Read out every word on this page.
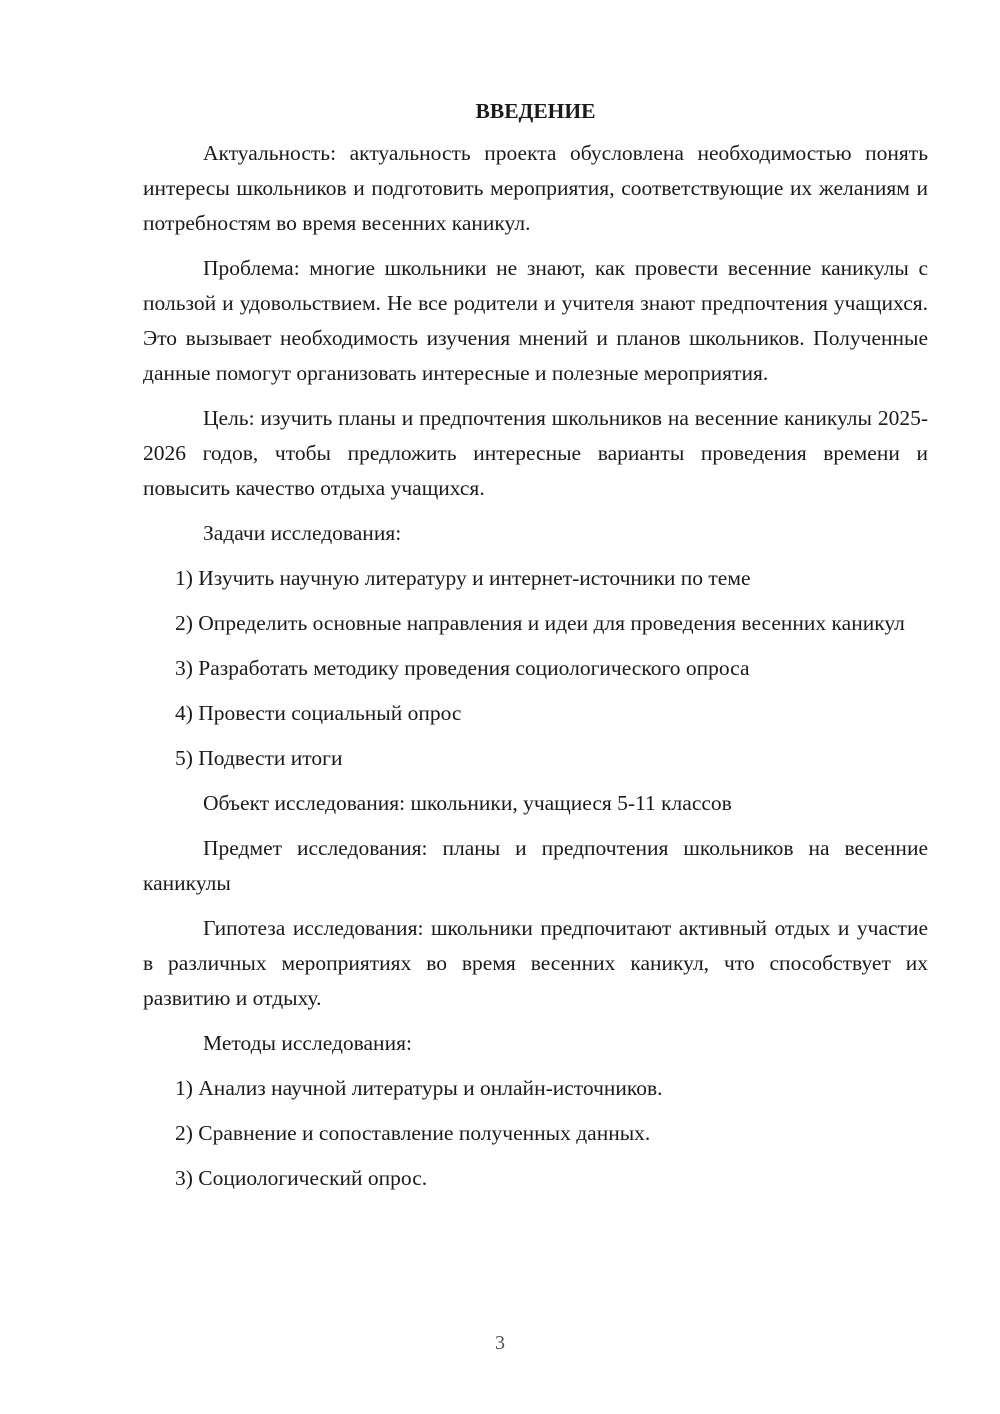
ВВЕДЕНИЕ

Актуальность: актуальность проекта обусловлена необходимостью понять интересы школьников и подготовить мероприятия, соответствующие их желаниям и потребностям во время весенних каникул.

Проблема: многие школьники не знают, как провести весенние каникулы с пользой и удовольствием. Не все родители и учителя знают предпочтения учащихся. Это вызывает необходимость изучения мнений и планов школьников. Полученные данные помогут организовать интересные и полезные мероприятия.

Цель: изучить планы и предпочтения школьников на весенние каникулы 2025-2026 годов, чтобы предложить интересные варианты проведения времени и повысить качество отдыха учащихся.

Задачи исследования:

1) Изучить научную литературу и интернет-источники по теме

2) Определить основные направления и идеи для проведения весенних каникул

3) Разработать методику проведения социологического опроса

4) Провести социальный опрос

5) Подвести итоги

Объект исследования: школьники, учащиеся 5-11 классов

Предмет исследования: планы и предпочтения школьников на весенние каникулы

Гипотеза исследования: школьники предпочитают активный отдых и участие в различных мероприятиях во время весенних каникул, что способствует их развитию и отдыху.

Методы исследования:

1) Анализ научной литературы и онлайн-источников.

2) Сравнение и сопоставление полученных данных.

3) Социологический опрос.

3
